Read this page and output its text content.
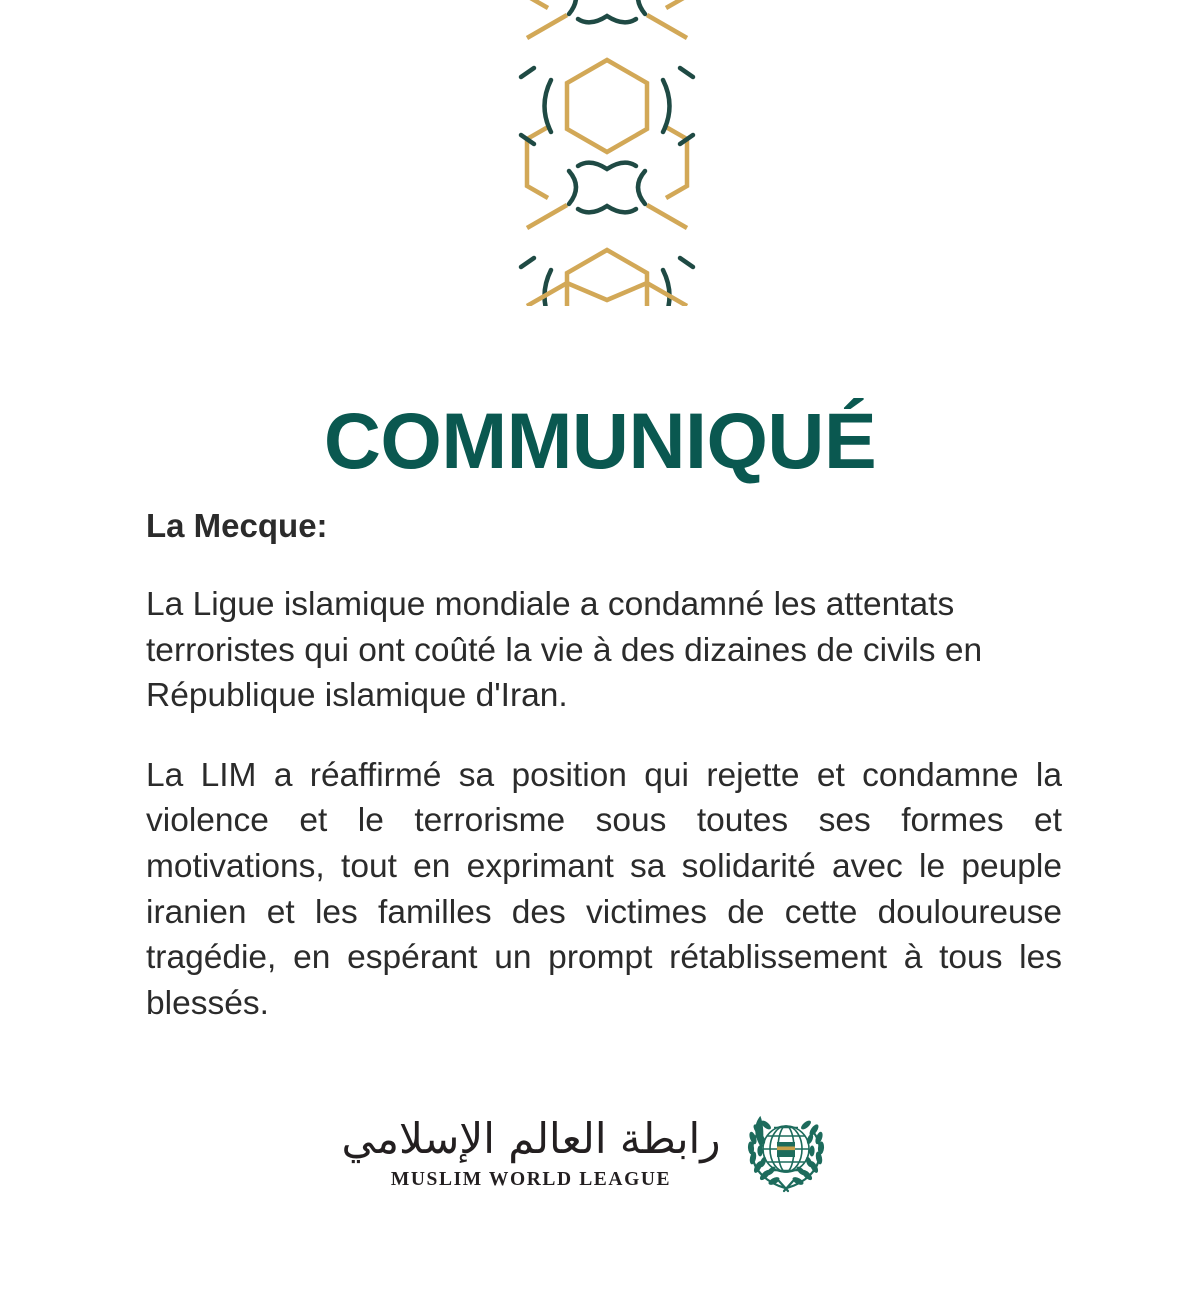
COMMUNIQUÉ

La Mecque:

La Ligue islamique mondiale a condamné les attentats terroristes qui ont coûté la vie à des dizaines de civils en République islamique d'Iran.

La LIM a réaffirmé sa position qui rejette et condamne la violence et le terrorisme sous toutes ses formes et motivations, tout en exprimant sa solidarité avec le peuple iranien et les familles des victimes de cette douloureuse tragédie, en espérant un prompt rétablissement à tous les blessés.

رابطة العالم الإسلامي
MUSLIM WORLD LEAGUE
